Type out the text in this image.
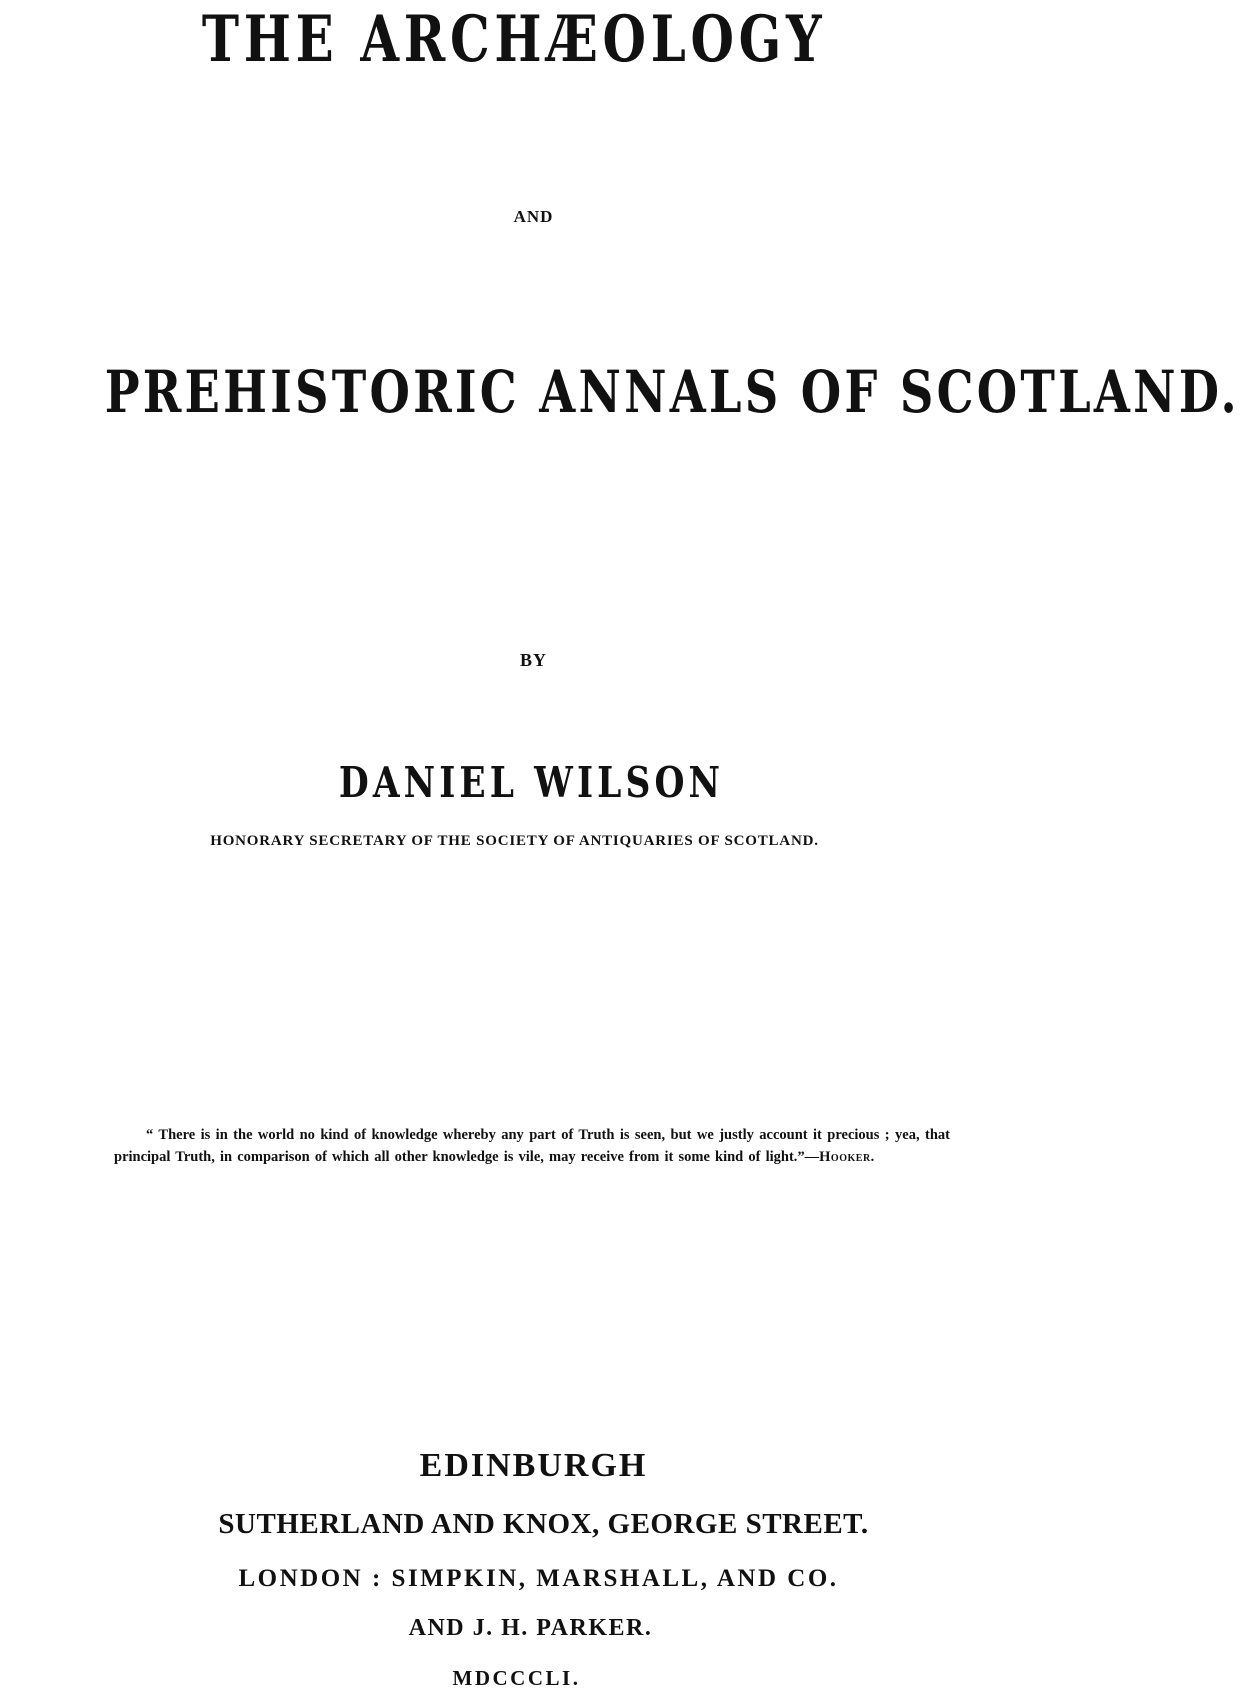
THE ARCHÆOLOGY
AND
PREHISTORIC ANNALS OF SCOTLAND.
BY
DANIEL WILSON
HONORARY SECRETARY OF THE SOCIETY OF ANTIQUARIES OF SCOTLAND.

“ There is in the world no kind of knowledge whereby any part of Truth is seen, but we justly account it precious ; yea, that principal Truth, in comparison of which all other knowledge is vile, may receive from it some kind of light.”—Hooker.

EDINBURGH
SUTHERLAND AND KNOX, GEORGE STREET.
LONDON : SIMPKIN, MARSHALL, AND CO.
AND J. H. PARKER.
MDCCCLI.
